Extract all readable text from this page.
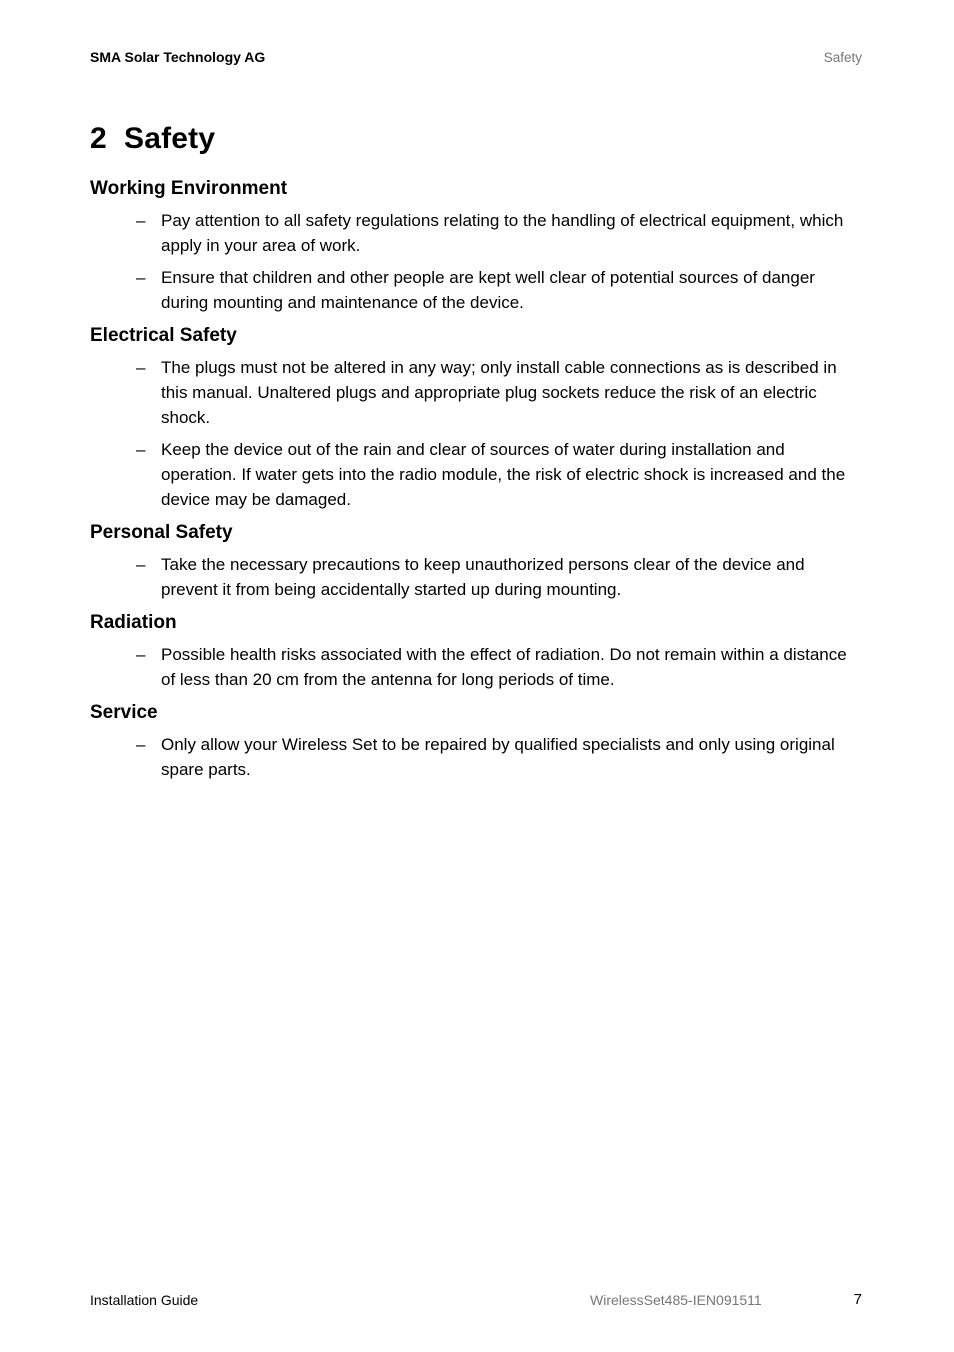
SMA Solar Technology AG	Safety
2 Safety
Working Environment
– Pay attention to all safety regulations relating to the handling of electrical equipment, which apply in your area of work.
– Ensure that children and other people are kept well clear of potential sources of danger during mounting and maintenance of the device.
Electrical Safety
– The plugs must not be altered in any way; only install cable connections as is described in this manual. Unaltered plugs and appropriate plug sockets reduce the risk of an electric shock.
– Keep the device out of the rain and clear of sources of water during installation and operation. If water gets into the radio module, the risk of electric shock is increased and the device may be damaged.
Personal Safety
– Take the necessary precautions to keep unauthorized persons clear of the device and prevent it from being accidentally started up during mounting.
Radiation
– Possible health risks associated with the effect of radiation. Do not remain within a distance of less than 20 cm from the antenna for long periods of time.
Service
– Only allow your Wireless Set to be repaired by qualified specialists and only using original spare parts.
Installation Guide	WirelessSet485-IEN091511	7
